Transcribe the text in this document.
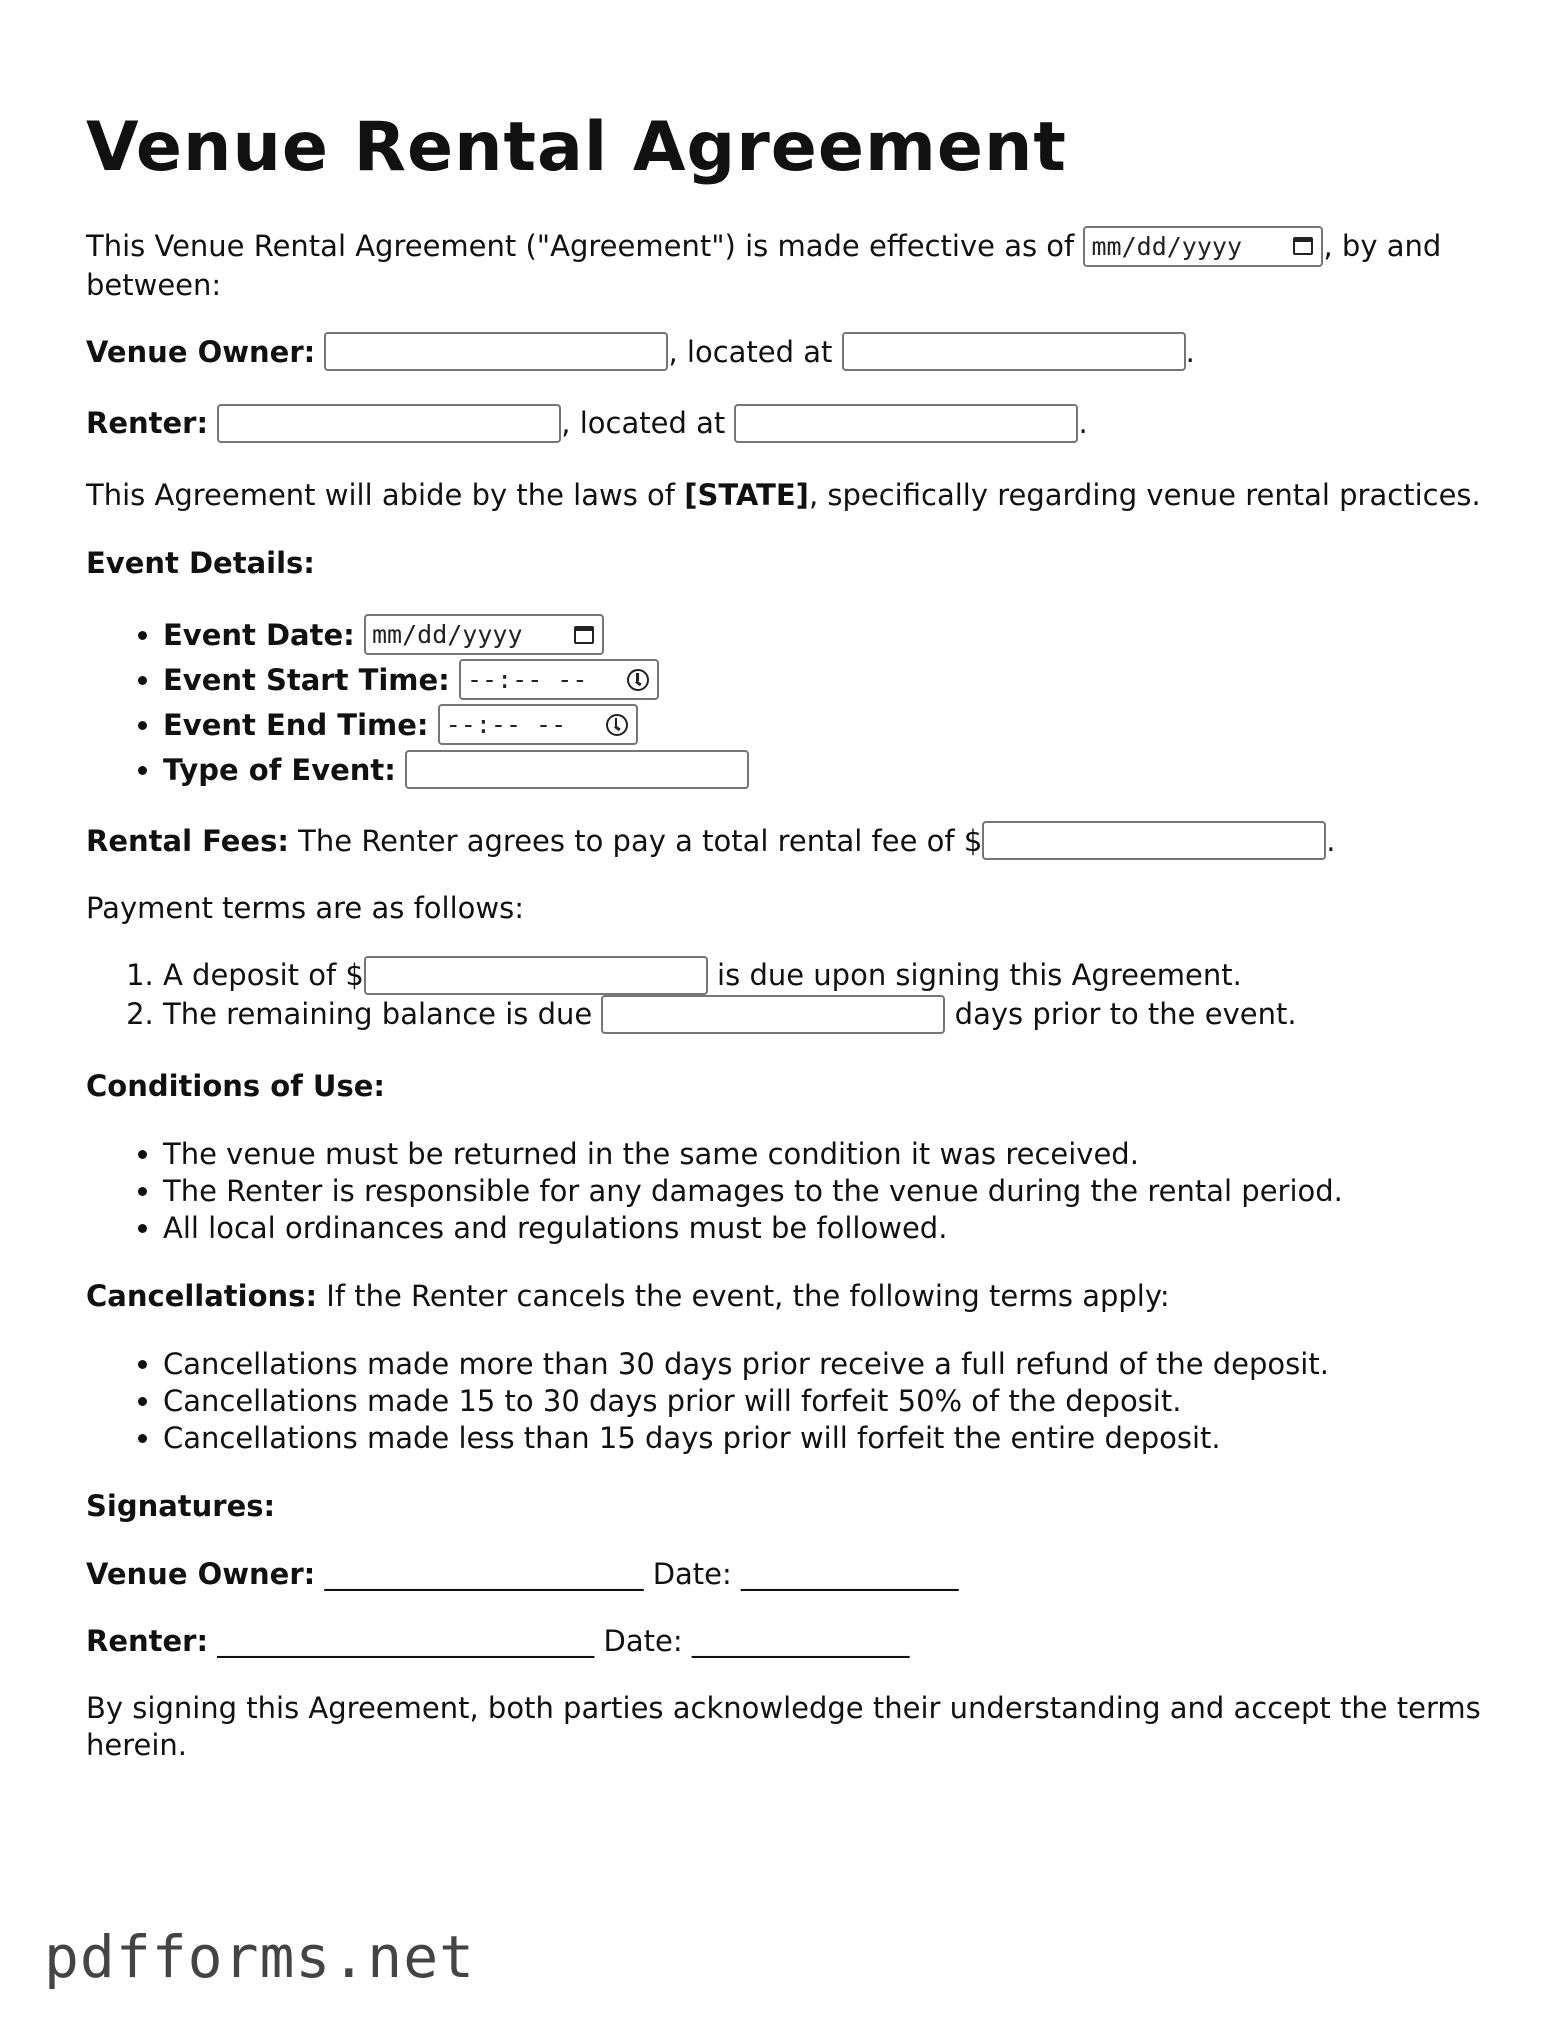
Venue Rental Agreement

This Venue Rental Agreement ("Agreement") is made effective as of mm/dd/yyyy	, by and between:

Venue Owner:	, located at	.

Renter:	, located at	.

This Agreement will abide by the laws of [STATE], specifically regarding venue rental practices.

Event Details:

• Event Date: mm/dd/yyyy
• Event Start Time: --:-- --
• Event End Time: --:-- --
• Type of Event:

Rental Fees: The Renter agrees to pay a total rental fee of $	.

Payment terms are as follows:

1. A deposit of $	is due upon signing this Agreement.
2. The remaining balance is due	days prior to the event.

Conditions of Use:

• The venue must be returned in the same condition it was received.
• The Renter is responsible for any damages to the venue during the rental period.
• All local ordinances and regulations must be followed.

Cancellations: If the Renter cancels the event, the following terms apply:

• Cancellations made more than 30 days prior receive a full refund of the deposit.
• Cancellations made 15 to 30 days prior will forfeit 50% of the deposit.
• Cancellations made less than 15 days prior will forfeit the entire deposit.

Signatures:

Venue Owner: ______________________ Date: _______________

Renter: __________________________ Date: _______________

By signing this Agreement, both parties acknowledge their understanding and accept the terms herein.

pdfforms.net
